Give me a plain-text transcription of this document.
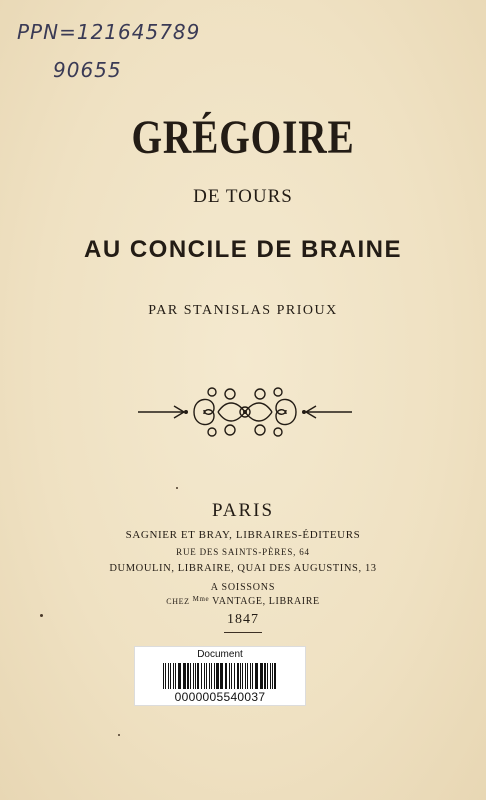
PPN=121645789
90655
GRÉGOIRE
DE TOURS
AU CONCILE DE BRAINE
PAR STANISLAS PRIOUX
PARIS
SAGNIER ET BRAY, LIBRAIRES-ÉDITEURS
RUE DES SAINTS-PÈRES, 64
DUMOULIN, LIBRAIRE, QUAI DES AUGUSTINS, 13
A SOISSONS
CHEZ $^{Mme}$ VANTAGE, LIBRAIRE
1847
Document
0000005540037
